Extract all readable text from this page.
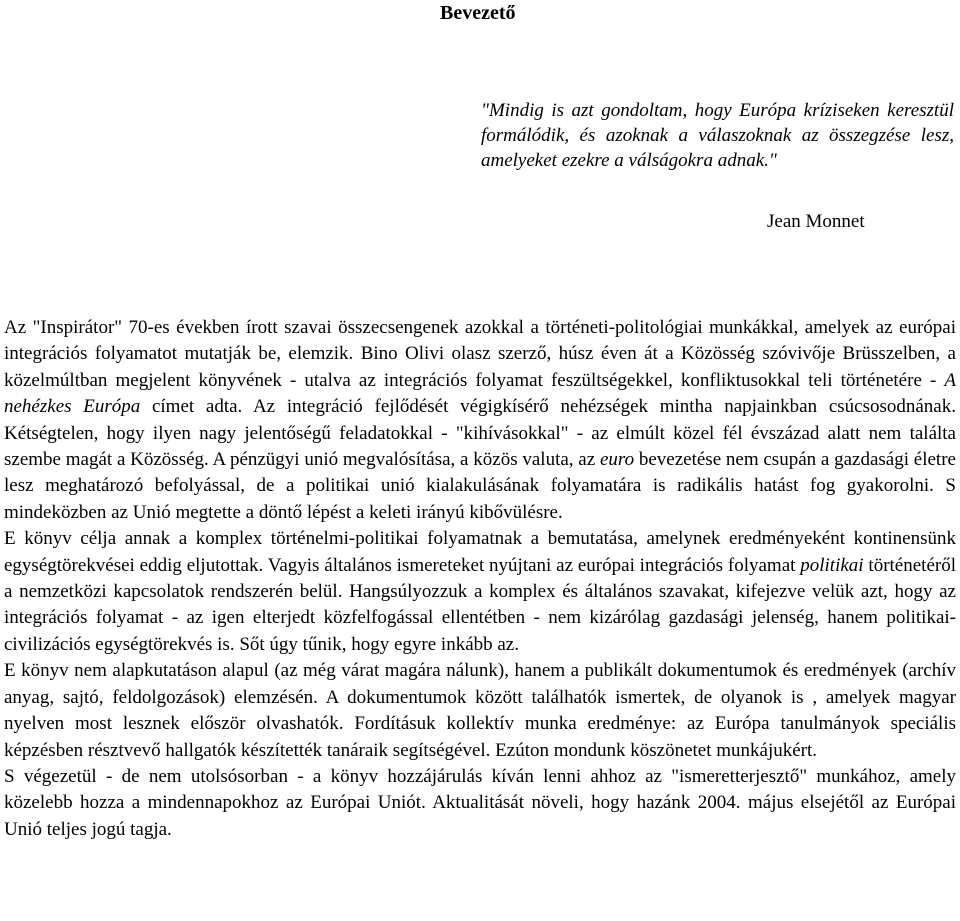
Bevezető
"Mindig is azt gondoltam, hogy Európa kríziseken keresztül formálódik, és azoknak a válaszoknak az összegzése lesz, amelyeket ezekre a válságokra adnak."
Jean Monnet

Az "Inspirátor" 70-es években írott szavai összecsengenek azokkal a történeti-politológiai munkákkal, amelyek az európai integrációs folyamatot mutatják be, elemzik. Bino Olivi olasz szerző, húsz éven át a Közösség szóvivője Brüsszelben, a közelmúltban megjelent könyvének - utalva az integrációs folyamat feszültségekkel, konfliktusokkal teli történetére - A nehézkes Európa címet adta. Az integráció fejlődését végigkísérő nehézségek mintha napjainkban csúcsosodnának. Kétségtelen, hogy ilyen nagy jelentőségű feladatokkal - "kihívásokkal" - az elmúlt közel fél évszázad alatt nem találta szembe magát a Közösség. A pénzügyi unió megvalósítása, a közös valuta, az euro bevezetése nem csupán a gazdasági életre lesz meghatározó befolyással, de a politikai unió kialakulásának folyamatára is radikális hatást fog gyakorolni. S mindeközben az Unió megtette a döntő lépést a keleti irányú kibővülésre.

E könyv célja annak a komplex történelmi-politikai folyamatnak a bemutatása, amelynek eredményeként kontinensünk egységtörekvései eddig eljutottak. Vagyis általános ismereteket nyújtani az európai integrációs folyamat politikai történetéről a nemzetközi kapcsolatok rendszerén belül. Hangsúlyozzuk a komplex és általános szavakat, kifejezve velük azt, hogy az integrációs folyamat - az igen elterjedt közfelfogással ellentétben - nem kizárólag gazdasági jelenség, hanem politikai-civilizációs egységtörekvés is. Sőt úgy tűnik, hogy egyre inkább az.

E könyv nem alapkutatáson alapul (az még várat magára nálunk), hanem a publikált dokumentumok és eredmények (archív anyag, sajtó, feldolgozások) elemzésén. A dokumentumok között találhatók ismertek, de olyanok is , amelyek magyar nyelven most lesznek először olvashatók. Fordításuk kollektív munka eredménye: az Európa tanulmányok speciális képzésben résztvevő hallgatók készítették tanáraik segítségével. Ezúton mondunk köszönetet munkájukért.

S végezetül - de nem utolsósorban - a könyv hozzájárulás kíván lenni ahhoz az "ismeretterjesztő" munkához, amely közelebb hozza a mindennapokhoz az Európai Uniót. Aktualitását növeli, hogy hazánk 2004. május elsejétől az Európai Unió teljes jogú tagja.
